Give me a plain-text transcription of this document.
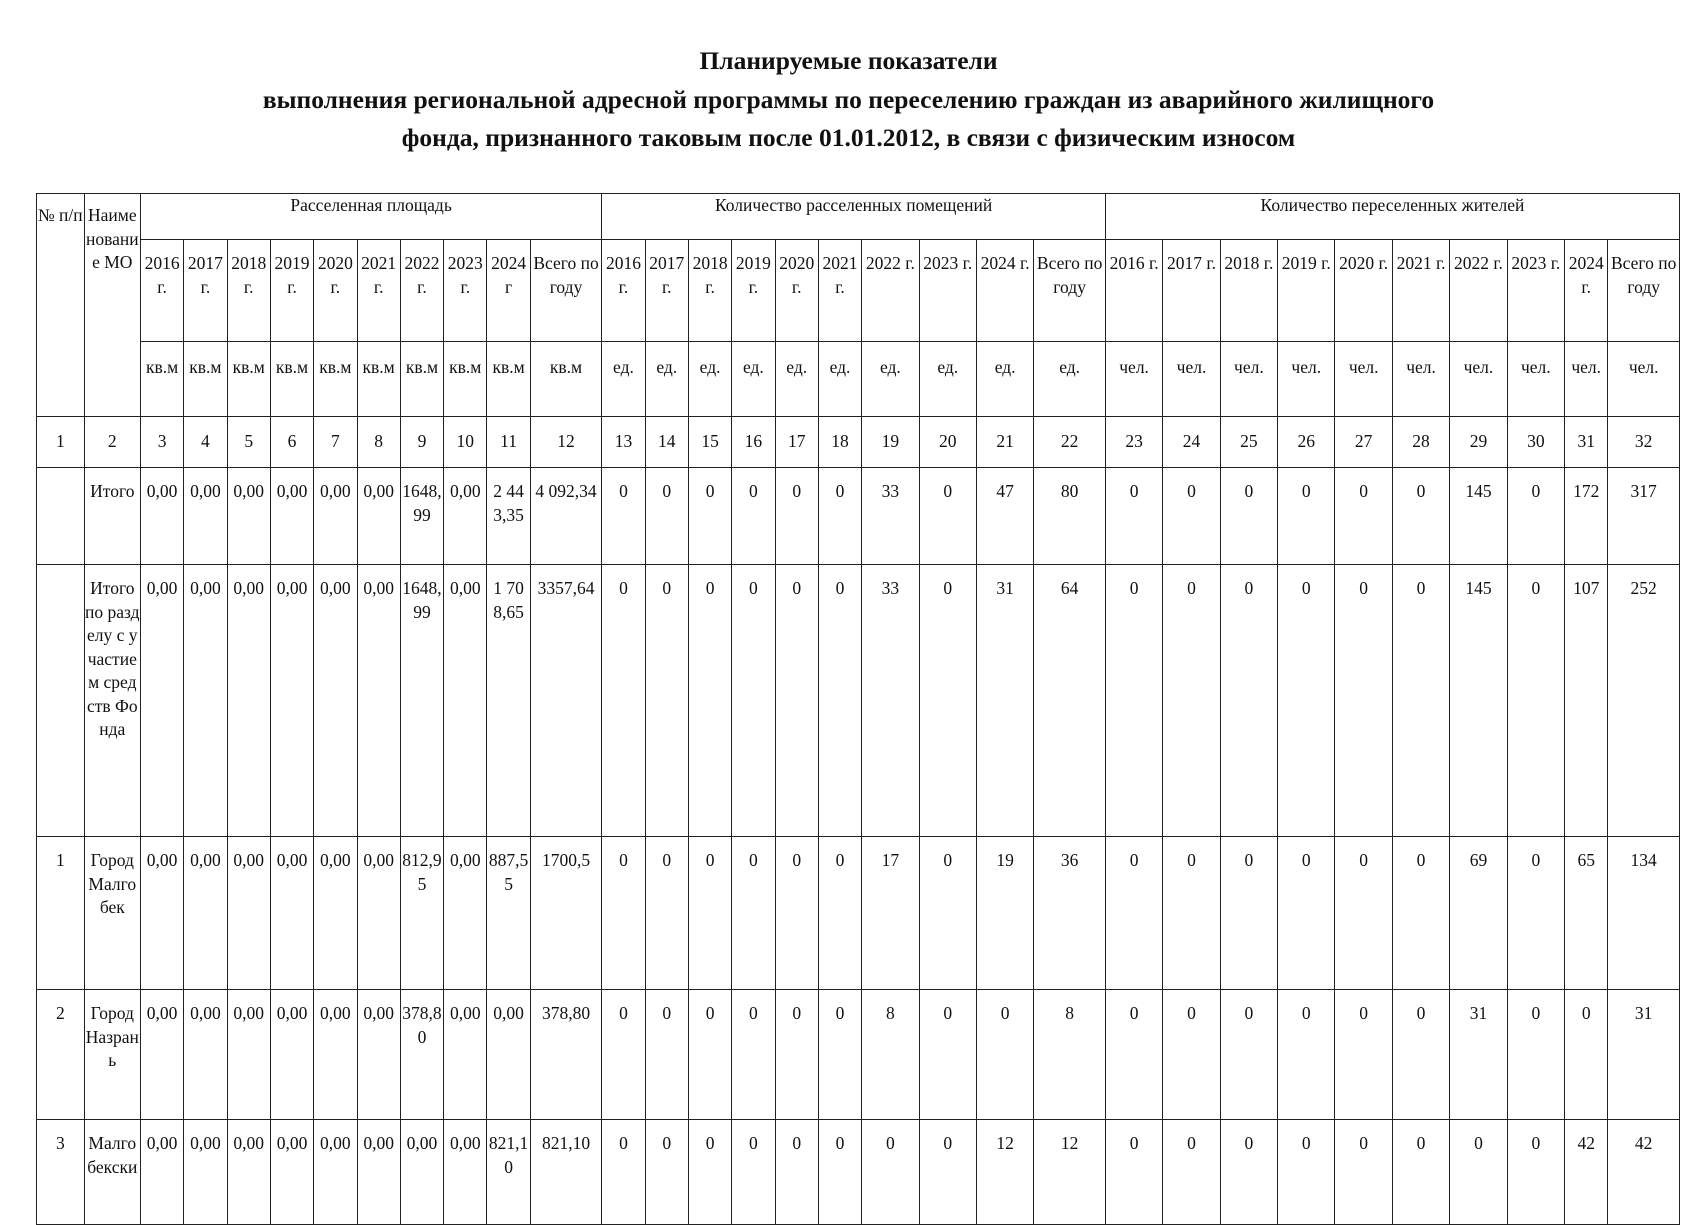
Планируемые показатели
выполнения региональной адресной программы по переселению граждан из аварийного жилищного
фонда, признанного таковым после 01.01.2012, в связи с физическим износом
№ п/п	Наименование МО	Расселенная площадь										Количество расселенных помещений										Количество переселенных жителей									
		2016 г.	2017 г.	2018 г.	2019 г.	2020 г.	2021 г.	2022 г.	2023 г.	2024 г	Всего по году	2016 г.	2017 г.	2018 г.	2019 г.	2020 г.	2021 г.	2022 г.	2023 г.	2024 г.	Всего по году	2016 г.	2017 г.	2018 г.	2019 г.	2020 г.	2021 г.	2022 г.	2023 г.	2024 г.	Всего по году
		кв.м	кв.м	кв.м	кв.м	кв.м	кв.м	кв.м	кв.м	кв.м	кв.м	ед.	ед.	ед.	ед.	ед.	ед.	ед.	ед.	ед.	ед.	чел.	чел.	чел.	чел.	чел.	чел.	чел.	чел.	чел.	чел.
1	2	3	4	5	6	7	8	9	10	11	12	13	14	15	16	17	18	19	20	21	22	23	24	25	26	27	28	29	30	31	32
	Итого	0,00	0,00	0,00	0,00	0,00	0,00	1648,99	0,00	2 443,35	4 092,34	0	0	0	0	0	0	33	0	47	80	0	0	0	0	0	0	145	0	172	317
	Итого по разделу с участием средств Фонда	0,00	0,00	0,00	0,00	0,00	0,00	1648,99	0,00	1 708,65	3357,64	0	0	0	0	0	0	33	0	31	64	0	0	0	0	0	0	145	0	107	252
1	Город Малгобек	0,00	0,00	0,00	0,00	0,00	0,00	812,95	0,00	887,55	1700,5	0	0	0	0	0	0	17	0	19	36	0	0	0	0	0	0	69	0	65	134
2	Город Назрань	0,00	0,00	0,00	0,00	0,00	0,00	378,80	0,00	0,00	378,80	0	0	0	0	0	0	8	0	0	8	0	0	0	0	0	0	31	0	0	31
3	Малгобекски	0,00	0,00	0,00	0,00	0,00	0,00	0,00	0,00	821,10	821,10	0	0	0	0	0	0	0	0	12	12	0	0	0	0	0	0	0	0	42	42
